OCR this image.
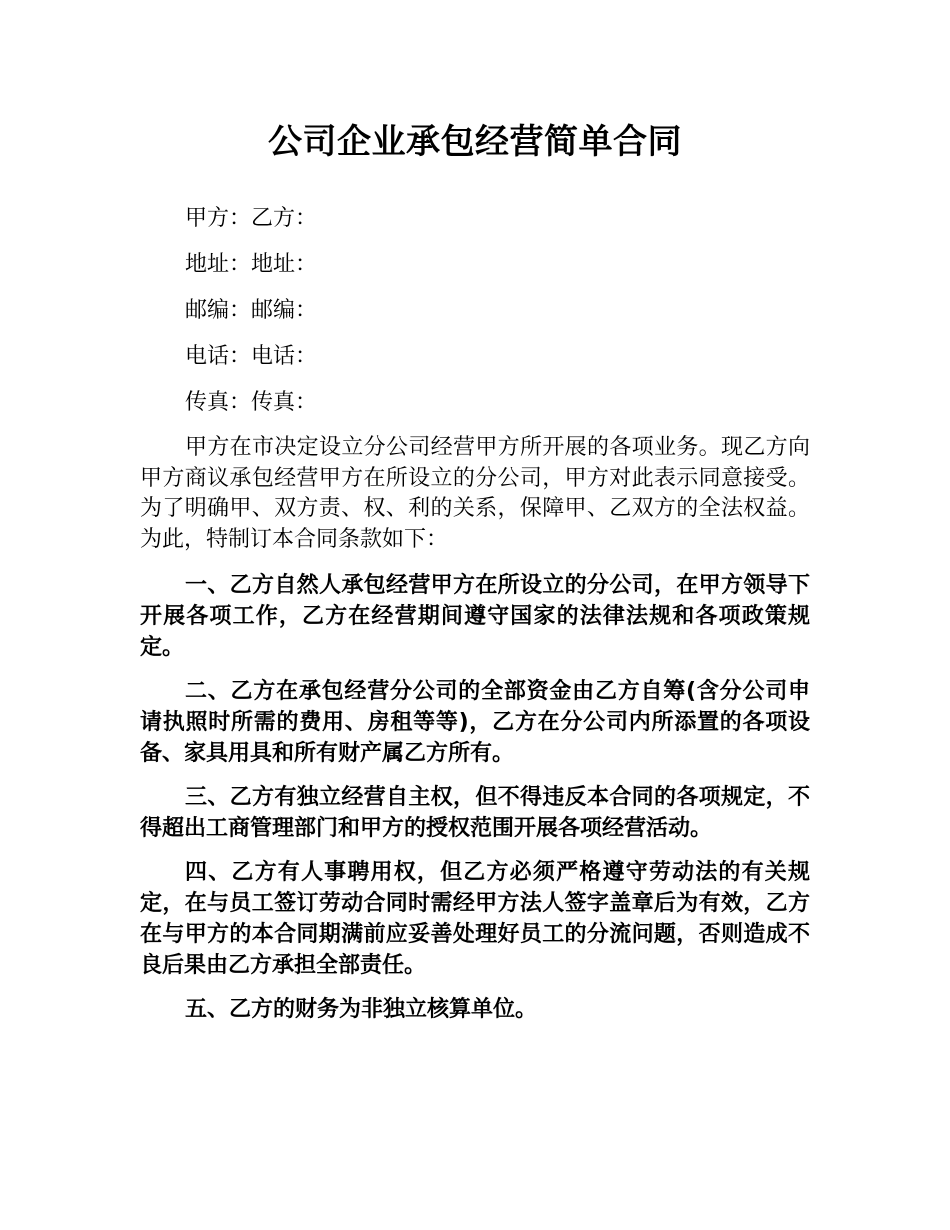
公司企业承包经营简单合同
甲方：乙方：
地址：地址：
邮编：邮编：
电话：电话：
传真：传真：

甲方在市决定设立分公司经营甲方所开展的各项业务。现乙方向甲方商议承包经营甲方在所设立的分公司，甲方对此表示同意接受。为了明确甲、双方责、权、利的关系，保障甲、乙双方的全法权益。为此，特制订本合同条款如下：

一、乙方自然人承包经营甲方在所设立的分公司，在甲方领导下开展各项工作，乙方在经营期间遵守国家的法律法规和各项政策规定。

二、乙方在承包经营分公司的全部资金由乙方自筹(含分公司申请执照时所需的费用、房租等等)，乙方在分公司内所添置的各项设备、家具用具和所有财产属乙方所有。

三、乙方有独立经营自主权，但不得违反本合同的各项规定，不得超出工商管理部门和甲方的授权范围开展各项经营活动。

四、乙方有人事聘用权，但乙方必须严格遵守劳动法的有关规定，在与员工签订劳动合同时需经甲方法人签字盖章后为有效，乙方在与甲方的本合同期满前应妥善处理好员工的分流问题，否则造成不良后果由乙方承担全部责任。

五、乙方的财务为非独立核算单位。
